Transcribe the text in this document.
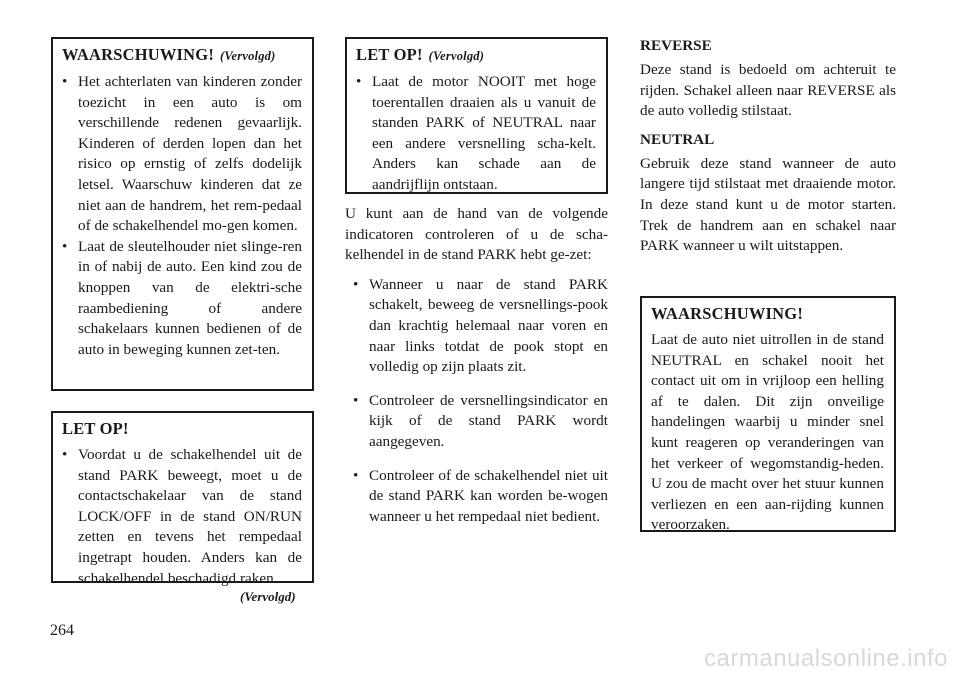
WAARSCHUWING! (Vervolgd)
• Het achterlaten van kinderen zonder toezicht in een auto is om verschillende redenen gevaarlijk. Kinderen of derden lopen dan het risico op ernstig of zelfs dodelijk letsel. Waarschuw kinderen dat ze niet aan de handrem, het rem-pedaal of de schakelhendel mo-gen komen.
• Laat de sleutelhouder niet slinge-ren in of nabij de auto. Een kind zou de knoppen van de elektri-sche raambediening of andere schakelaars kunnen bedienen of de auto in beweging kunnen zet-ten.
LET OP!
• Voordat u de schakelhendel uit de stand PARK beweegt, moet u de contactschakelaar van de stand LOCK/OFF in de stand ON/RUN zetten en tevens het rempedaal ingetrapt houden. Anders kan de schakelhendel beschadigd raken.
(Vervolgd)
LET OP! (Vervolgd)
• Laat de motor NOOIT met hoge toerentallen draaien als u vanuit de standen PARK of NEUTRAL naar een andere versnelling scha-kelt. Anders kan schade aan de aandrijflijn ontstaan.

U kunt aan de hand van de volgende indicatoren controleren of u de scha-kelhendel in de stand PARK hebt ge-zet:

• Wanneer u naar de stand PARK schakelt, beweeg de versnellings-pook dan krachtig helemaal naar voren en naar links totdat de pook stopt en volledig op zijn plaats zit.
• Controleer de versnellingsindicator en kijk of de stand PARK wordt aangegeven.
• Controleer of de schakelhendel niet uit de stand PARK kan worden be-wogen wanneer u het rempedaal niet bedient.
REVERSE

Deze stand is bedoeld om achteruit te rijden. Schakel alleen naar REVERSE als de auto volledig stilstaat.

NEUTRAL

Gebruik deze stand wanneer de auto langere tijd stilstaat met draaiende motor. In deze stand kunt u de motor starten. Trek de handrem aan en schakel naar PARK wanneer u wilt uitstappen.

WAARSCHUWING!

Laat de auto niet uitrollen in de stand NEUTRAL en schakel nooit het contact uit om in vrijloop een helling af te dalen. Dit zijn onveilige handelingen waarbij u minder snel kunt reageren op veranderingen van het verkeer of wegomstandig-heden. U zou de macht over het stuur kunnen verliezen en een aan-rijding kunnen veroorzaken.

264
carmanualsonline.info
